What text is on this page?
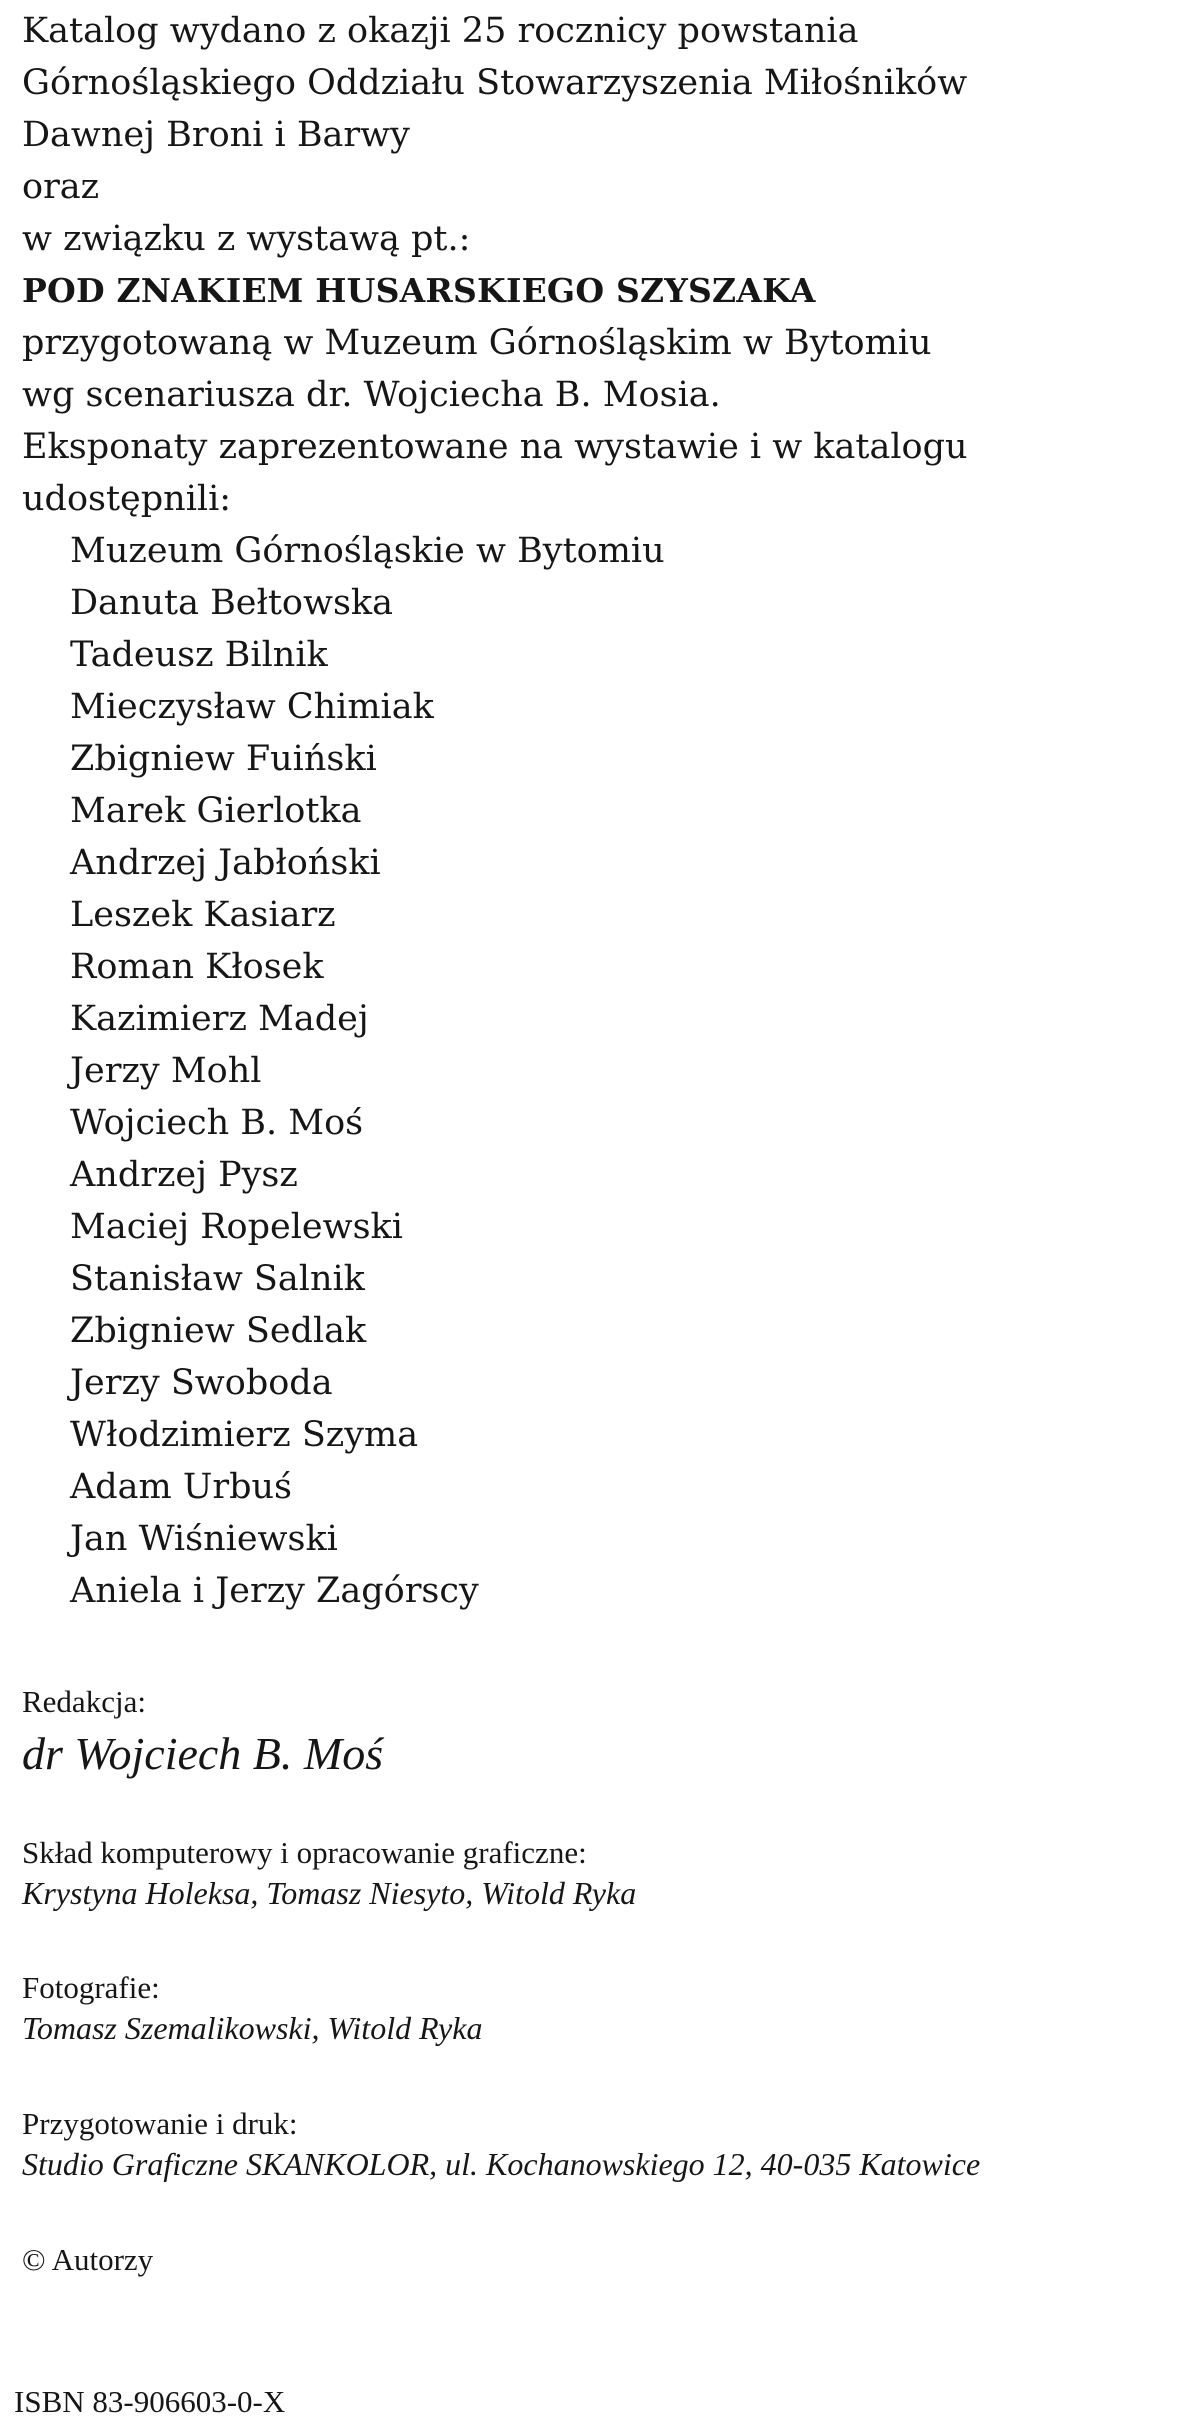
Katalog wydano z okazji 25 rocznicy powstania

Górnośląskiego Oddziału Stowarzyszenia Miłośników

Dawnej Broni i Barwy

oraz

w związku z wystawą pt.:

POD ZNAKIEM HUSARSKIEGO SZYSZAKA

przygotowaną w Muzeum Górnośląskim w Bytomiu

wg scenariusza dr. Wojciecha B. Mosia.

Eksponaty zaprezentowane na wystawie i w katalogu

udostępnili:

Muzeum Górnośląskie w Bytomiu

Danuta Bełtowska

Tadeusz Bilnik

Mieczysław Chimiak

Zbigniew Fuiński

Marek Gierlotka

Andrzej Jabłoński

Leszek Kasiarz

Roman Kłosek

Kazimierz Madej

Jerzy Mohl

Wojciech B. Moś

Andrzej Pysz

Maciej Ropelewski

Stanisław Salnik

Zbigniew Sedlak

Jerzy Swoboda

Włodzimierz Szyma

Adam Urbuś

Jan Wiśniewski

Aniela i Jerzy Zagórscy

Redakcja:

dr Wojciech B. Moś

Skład komputerowy i opracowanie graficzne:

Krystyna Holeksa, Tomasz Niesyto, Witold Ryka

Fotografie:

Tomasz Szemalikowski, Witold Ryka

Przygotowanie i druk:

Studio Graficzne SKANKOLOR, ul. Kochanowskiego 12, 40-035 Katowice

© Autorzy

ISBN 83-906603-0-X
